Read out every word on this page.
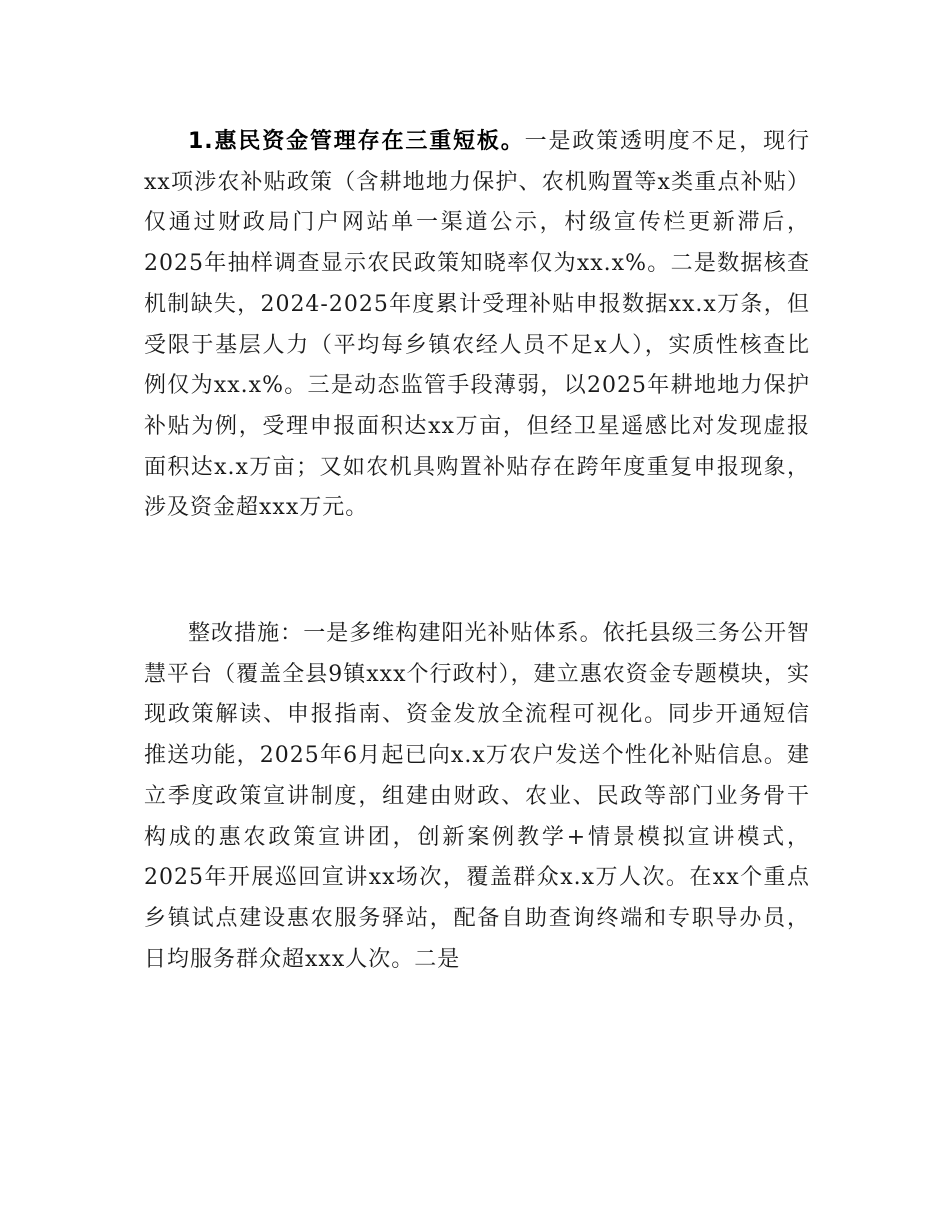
1.惠民资金管理存在三重短板。一是政策透明度不足，现行xx项涉农补贴政策（含耕地地力保护、农机购置等x类重点补贴）仅通过财政局门户网站单一渠道公示，村级宣传栏更新滞后，2025年抽样调查显示农民政策知晓率仅为xx.x%。二是数据核查机制缺失，2024-2025年度累计受理补贴申报数据xx.x万条，但受限于基层人力（平均每乡镇农经人员不足x人），实质性核查比例仅为xx.x%。三是动态监管手段薄弱，以2025年耕地地力保护补贴为例，受理申报面积达xx万亩，但经卫星遥感比对发现虚报面积达x.x万亩；又如农机具购置补贴存在跨年度重复申报现象，涉及资金超xxx万元。

整改措施：一是多维构建阳光补贴体系。依托县级三务公开智慧平台（覆盖全县9镇xxx个行政村），建立惠农资金专题模块，实现政策解读、申报指南、资金发放全流程可视化。同步开通短信推送功能，2025年6月起已向x.x万农户发送个性化补贴信息。建立季度政策宣讲制度，组建由财政、农业、民政等部门业务骨干构成的惠农政策宣讲团，创新案例教学+情景模拟宣讲模式，2025年开展巡回宣讲xx场次，覆盖群众x.x万人次。在xx个重点乡镇试点建设惠农服务驿站，配备自助查询终端和专职导办员，日均服务群众超xxx人次。二是
